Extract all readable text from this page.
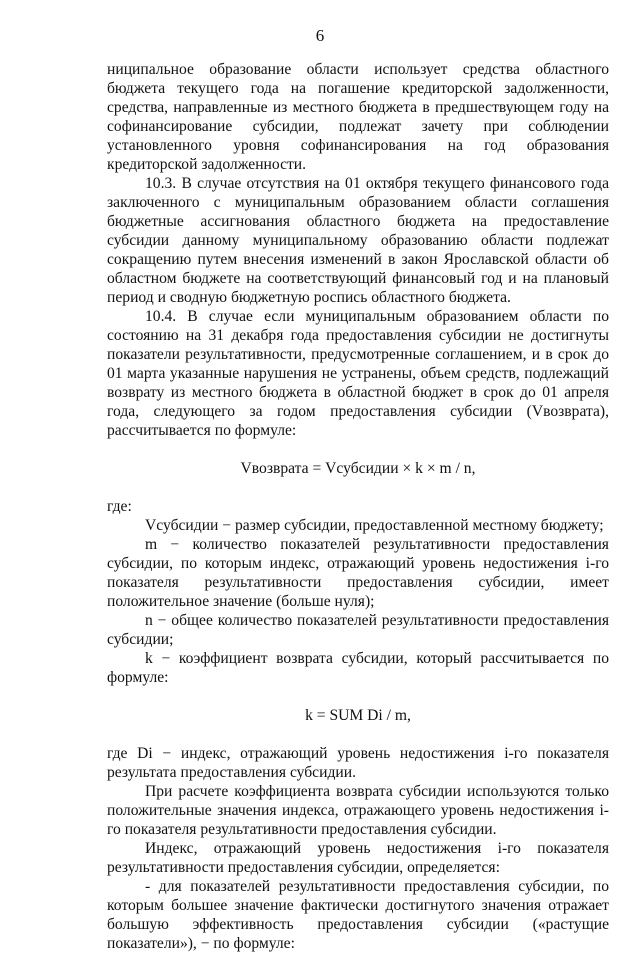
6

ниципальное образование области использует средства областного бюджета текущего года на погашение кредиторской задолженности, средства, направленные из местного бюджета в предшествующем году на софинансирование субсидии, подлежат зачету при соблюдении установленного уровня софинансирования на год образования кредиторской задолженности.

10.3. В случае отсутствия на 01 октября текущего финансового года заключенного с муниципальным образованием области соглашения бюджетные ассигнования областного бюджета на предоставление субсидии данному муниципальному образованию области подлежат сокращению путем внесения изменений в закон Ярославской области об областном бюджете на соответствующий финансовый год и на плановый период и сводную бюджетную роспись областного бюджета.

10.4. В случае если муниципальным образованием области по состоянию на 31 декабря года предоставления субсидии не достигнуты показатели результативности, предусмотренные соглашением, и в срок до 01 марта указанные нарушения не устранены, объем средств, подлежащий возврату из местного бюджета в областной бюджет в срок до 01 апреля года, следующего за годом предоставления субсидии (Vвозврата), рассчитывается по формуле:

Vвозврата = Vсубсидии × k × m / n,

где:

Vсубсидии − размер субсидии, предоставленной местному бюджету;

m − количество показателей результативности предоставления субсидии, по которым индекс, отражающий уровень недостижения i-го показателя результативности предоставления субсидии, имеет положительное значение (больше нуля);

n − общее количество показателей результативности предоставления субсидии;

k − коэффициент возврата субсидии, который рассчитывается по формуле:

k = SUM Di / m,

где Di − индекс, отражающий уровень недостижения i-го показателя результата предоставления субсидии.

При расчете коэффициента возврата субсидии используются только положительные значения индекса, отражающего уровень недостижения i-го показателя результативности предоставления субсидии.

Индекс, отражающий уровень недостижения i-го показателя результативности предоставления субсидии, определяется:

- для показателей результативности предоставления субсидии, по которым большее значение фактически достигнутого значения отражает большую эффективность предоставления субсидии («растущие показатели»), − по формуле:
